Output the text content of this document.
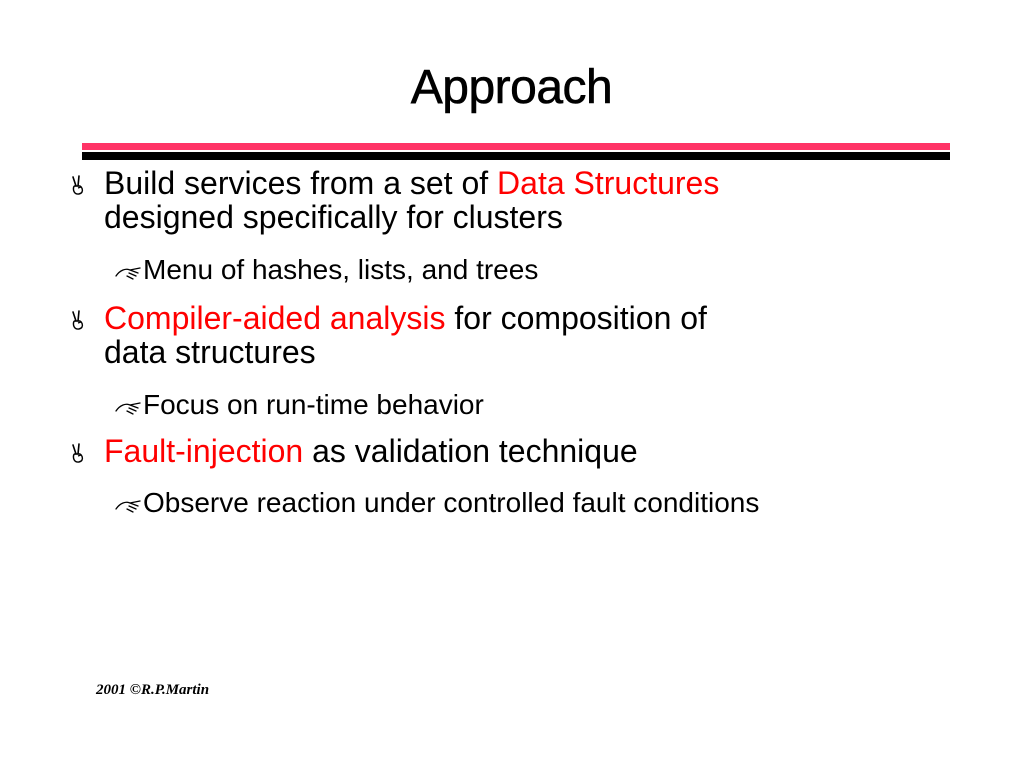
Approach
Build services from a set of Data Structures
designed specifically for clusters
Menu of hashes, lists, and trees
Compiler-aided analysis for composition of
data structures
Focus on run-time behavior
Fault-injection as validation technique
Observe reaction under controlled fault conditions
2001 ©R.P.Martin
